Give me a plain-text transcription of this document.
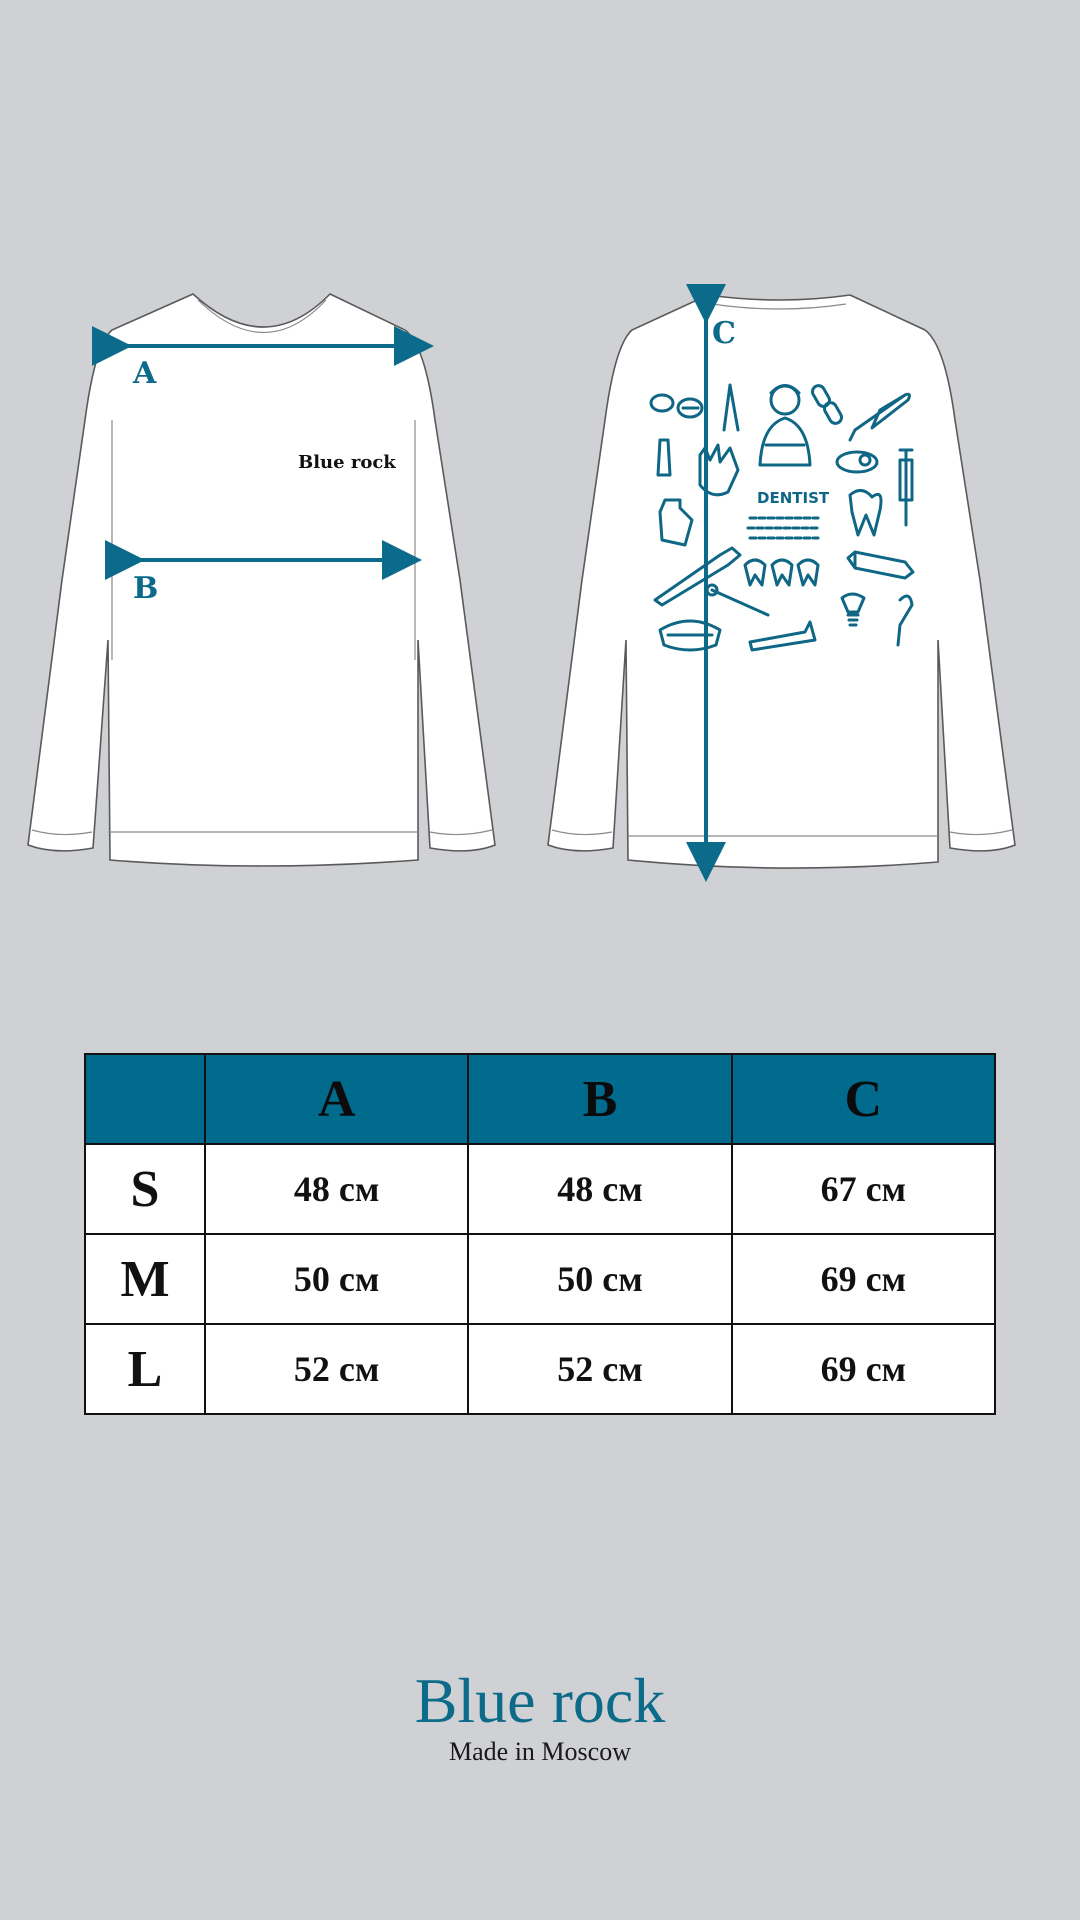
Blue rock
A
B
C
DENTIST
	A	B	C
S	48 см	48 см	67 см
M	50 см	50 см	69 см
L	52 см	52 см	69 см
Blue rock
Made in Moscow
